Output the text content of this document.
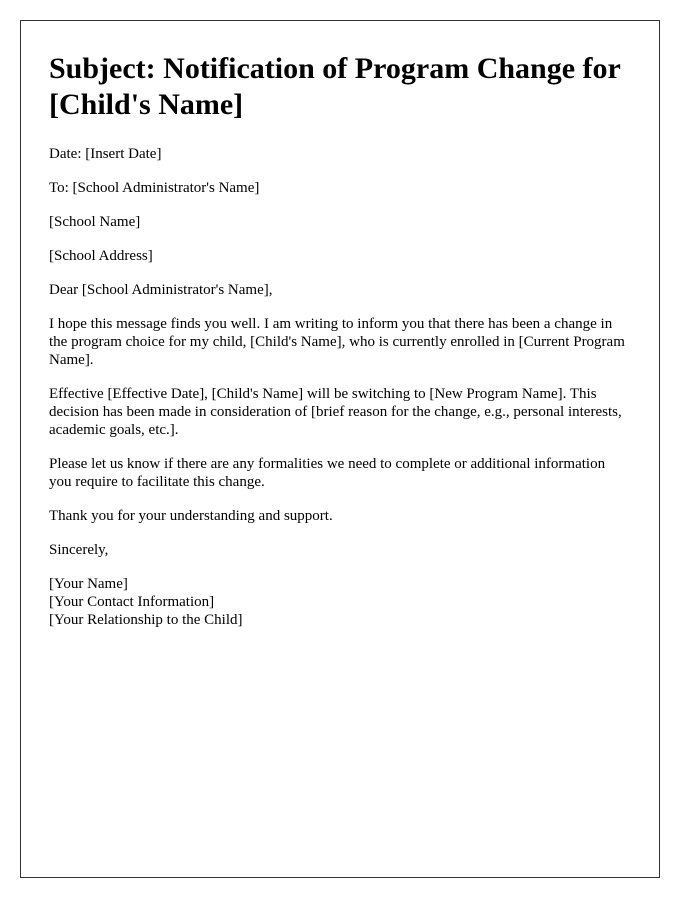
Subject: Notification of Program Change for [Child's Name]

Date: [Insert Date]

To: [School Administrator's Name]

[School Name]

[School Address]

Dear [School Administrator's Name],

I hope this message finds you well. I am writing to inform you that there has been a change in the program choice for my child, [Child's Name], who is currently enrolled in [Current Program Name].

Effective [Effective Date], [Child's Name] will be switching to [New Program Name]. This decision has been made in consideration of [brief reason for the change, e.g., personal interests, academic goals, etc.].

Please let us know if there are any formalities we need to complete or additional information you require to facilitate this change.

Thank you for your understanding and support.

Sincerely,

[Your Name]

[Your Contact Information]

[Your Relationship to the Child]
